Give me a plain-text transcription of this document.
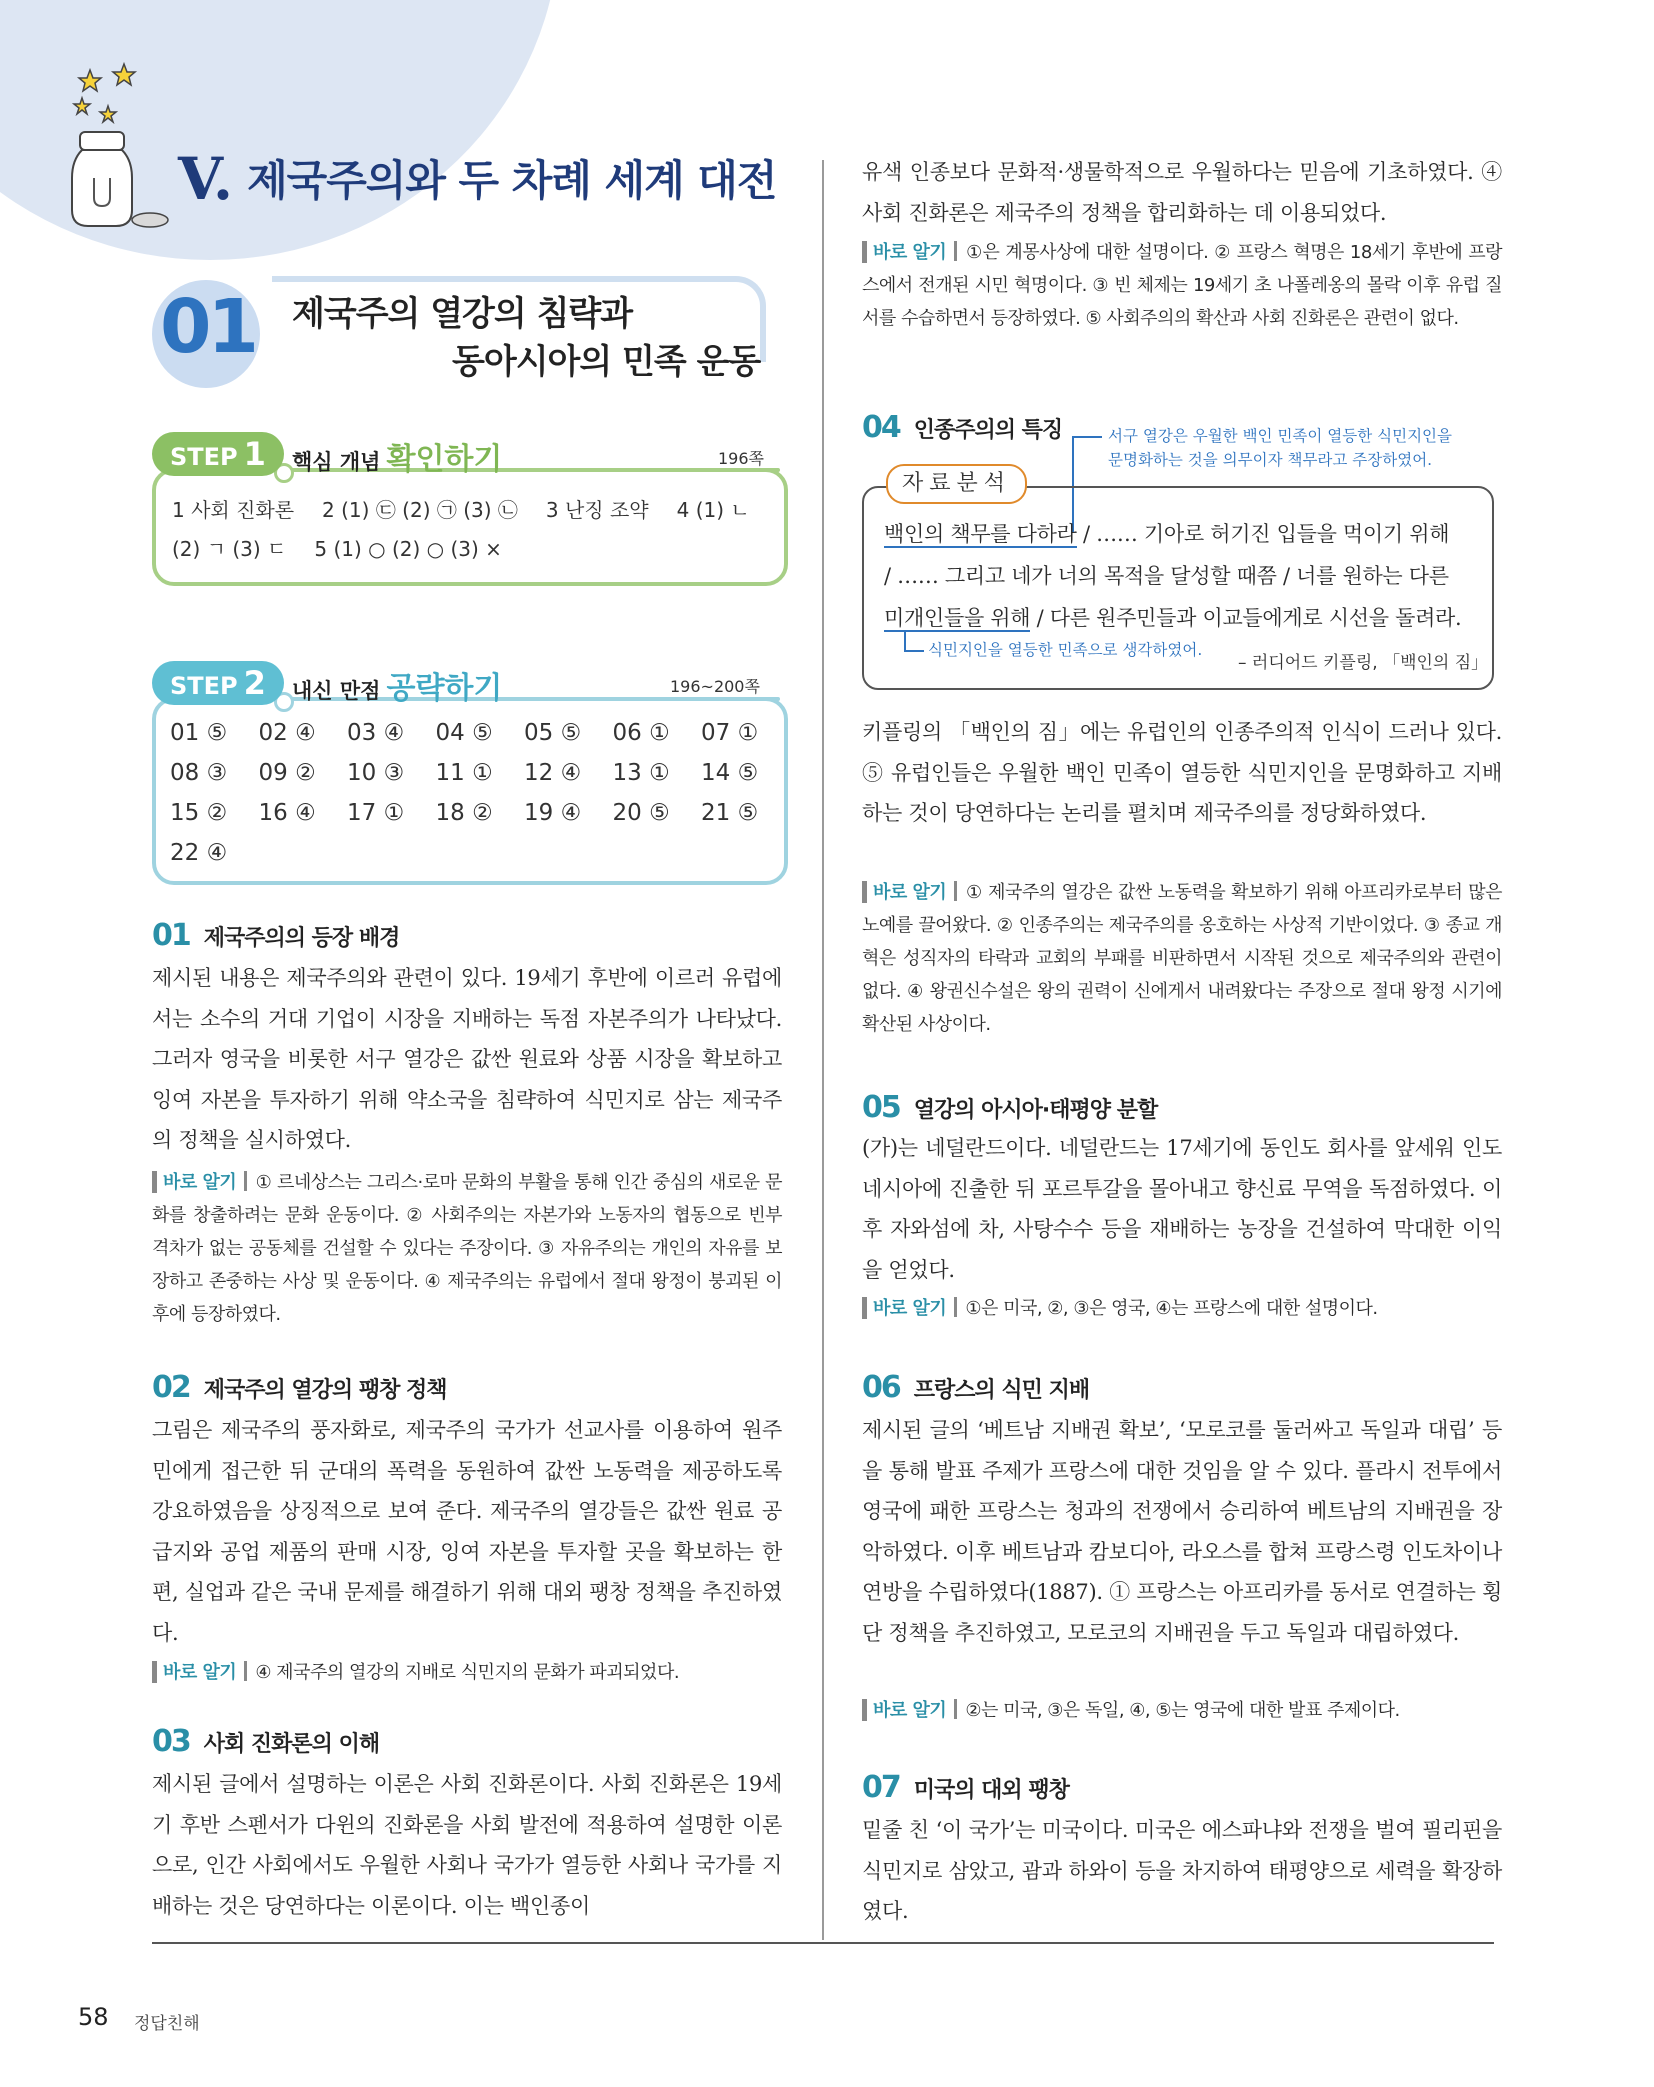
V. 제국주의와 두 차례 세계 대전
01 제국주의 열강의 침략과
동아시아의 민족 운동
STEP 1	핵심 개념 확인하기	196쪽
1 사회 진화론 2 (1) ㉢ (2) ㉠ (3) ㉡ 3 난징 조약 4 (1) ㄴ
(2) ㄱ (3) ㄷ 5 (1) ○ (2) ○ (3) ×
STEP 2	내신 만점 공략하기	196~200쪽
01 ⑤ 02 ④ 03 ④ 04 ⑤ 05 ⑤ 06 ① 07 ①
08 ③ 09 ② 10 ③ 11 ① 12 ④ 13 ① 14 ⑤
15 ② 16 ④ 17 ① 18 ② 19 ④ 20 ⑤ 21 ⑤
22 ④
01 제국주의의 등장 배경
제시된 내용은 제국주의와 관련이 있다. 19세기 후반에 이르러 유럽에서는 소수의 거대 기업이 시장을 지배하는 독점 자본주의가 나타났다. 그러자 영국을 비롯한 서구 열강은 값싼 원료와 상품 시장을 확보하고 잉여 자본을 투자하기 위해 약소국을 침략하여 식민지로 삼는 제국주의 정책을 실시하였다.
바로 알기 ① 르네상스는 그리스·로마 문화의 부활을 통해 인간 중심의 새로운 문화를 창출하려는 문화 운동이다. ② 사회주의는 자본가와 노동자의 협동으로 빈부 격차가 없는 공동체를 건설할 수 있다는 주장이다. ③ 자유주의는 개인의 자유를 보장하고 존중하는 사상 및 운동이다. ④ 제국주의는 유럽에서 절대 왕정이 붕괴된 이후에 등장하였다.
02 제국주의 열강의 팽창 정책
그림은 제국주의 풍자화로, 제국주의 국가가 선교사를 이용하여 원주민에게 접근한 뒤 군대의 폭력을 동원하여 값싼 노동력을 제공하도록 강요하였음을 상징적으로 보여 준다. 제국주의 열강들은 값싼 원료 공급지와 공업 제품의 판매 시장, 잉여 자본을 투자할 곳을 확보하는 한편, 실업과 같은 국내 문제를 해결하기 위해 대외 팽창 정책을 추진하였다.
바로 알기 ④ 제국주의 열강의 지배로 식민지의 문화가 파괴되었다.
03 사회 진화론의 이해
제시된 글에서 설명하는 이론은 사회 진화론이다. 사회 진화론은 19세기 후반 스펜서가 다윈의 진화론을 사회 발전에 적용하여 설명한 이론으로, 인간 사회에서도 우월한 사회나 국가가 열등한 사회나 국가를 지배하는 것은 당연하다는 이론이다. 이는 백인종이
유색 인종보다 문화적·생물학적으로 우월하다는 믿음에 기초하였다. ④ 사회 진화론은 제국주의 정책을 합리화하는 데 이용되었다.
바로 알기 ①은 계몽사상에 대한 설명이다. ② 프랑스 혁명은 18세기 후반에 프랑스에서 전개된 시민 혁명이다. ③ 빈 체제는 19세기 초 나폴레옹의 몰락 이후 유럽 질서를 수습하면서 등장하였다. ⑤ 사회주의의 확산과 사회 진화론은 관련이 없다.
04 인종주의의 특징	서구 열강은 우월한 백인 민족이 열등한 식민지인을
문명화하는 것을 의무이자 책무라고 주장하였어.
자료분석
백인의 책무를 다하라 / …… 기아로 허기진 입들을 먹이기 위해
/ …… 그리고 네가 너의 목적을 달성할 때쯤 / 너를 원하는 다른
미개인들을 위해 / 다른 원주민들과 이교들에게로 시선을 돌려라.
식민지인을 열등한 민족으로 생각하였어.
– 러디어드 키플링, 「백인의 짐」
키플링의 「백인의 짐」에는 유럽인의 인종주의적 인식이 드러나 있다. ⑤ 유럽인들은 우월한 백인 민족이 열등한 식민지인을 문명화하고 지배하는 것이 당연하다는 논리를 펼치며 제국주의를 정당화하였다.
바로 알기 ① 제국주의 열강은 값싼 노동력을 확보하기 위해 아프리카로부터 많은 노예를 끌어왔다. ② 인종주의는 제국주의를 옹호하는 사상적 기반이었다. ③ 종교 개혁은 성직자의 타락과 교회의 부패를 비판하면서 시작된 것으로 제국주의와 관련이 없다. ④ 왕권신수설은 왕의 권력이 신에게서 내려왔다는 주장으로 절대 왕정 시기에 확산된 사상이다.
05 열강의 아시아·태평양 분할
(가)는 네덜란드이다. 네덜란드는 17세기에 동인도 회사를 앞세워 인도네시아에 진출한 뒤 포르투갈을 몰아내고 향신료 무역을 독점하였다. 이후 자와섬에 차, 사탕수수 등을 재배하는 농장을 건설하여 막대한 이익을 얻었다.
바로 알기 ①은 미국, ②, ③은 영국, ④는 프랑스에 대한 설명이다.
06 프랑스의 식민 지배
제시된 글의 ‘베트남 지배권 확보’, ‘모로코를 둘러싸고 독일과 대립’ 등을 통해 발표 주제가 프랑스에 대한 것임을 알 수 있다. 플라시 전투에서 영국에 패한 프랑스는 청과의 전쟁에서 승리하여 베트남의 지배권을 장악하였다. 이후 베트남과 캄보디아, 라오스를 합쳐 프랑스령 인도차이나 연방을 수립하였다(1887). ① 프랑스는 아프리카를 동서로 연결하는 횡단 정책을 추진하였고, 모로코의 지배권을 두고 독일과 대립하였다.
바로 알기 ②는 미국, ③은 독일, ④, ⑤는 영국에 대한 발표 주제이다.
07 미국의 대외 팽창
밑줄 친 ‘이 국가’는 미국이다. 미국은 에스파냐와 전쟁을 벌여 필리핀을 식민지로 삼았고, 괌과 하와이 등을 차지하여 태평양으로 세력을 확장하였다.
58 정답친해
